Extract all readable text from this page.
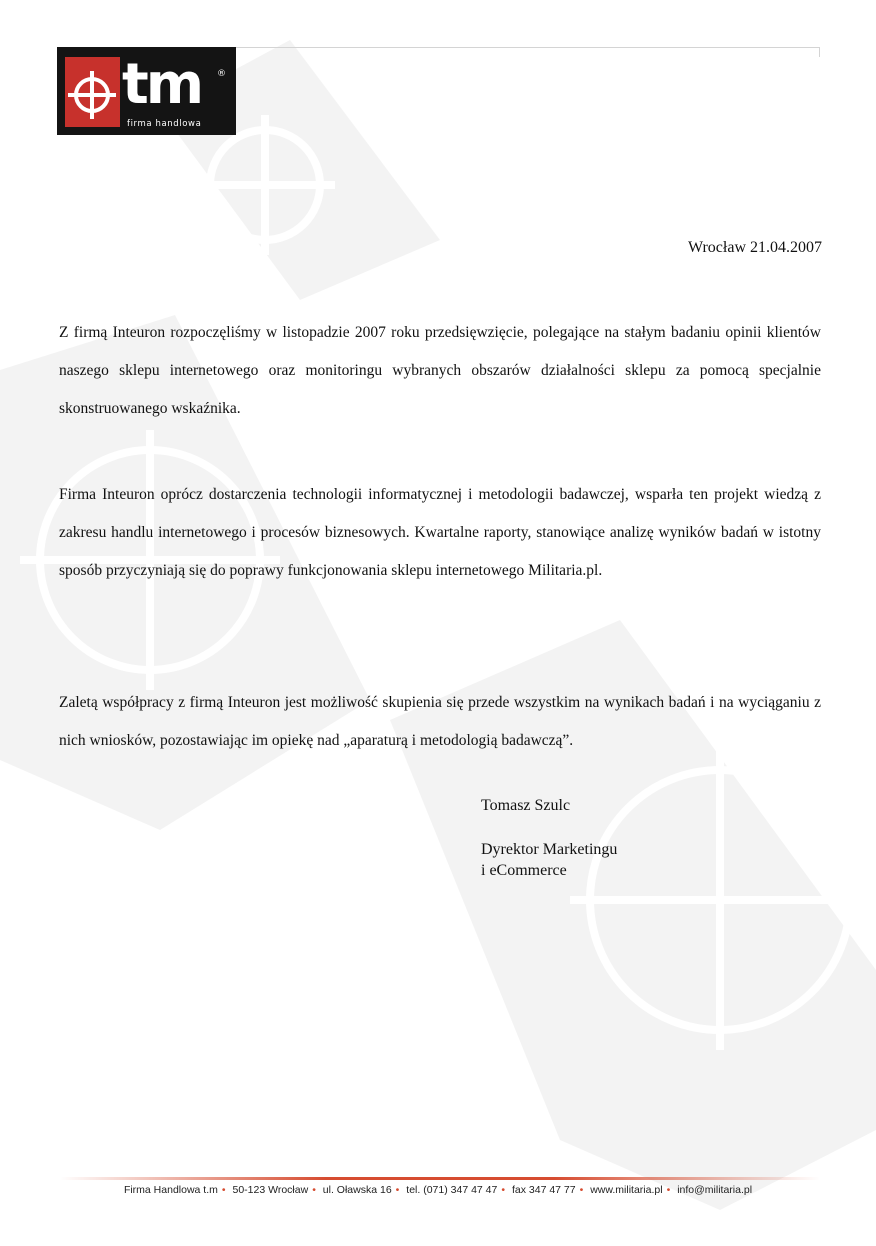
tm ®
firma handlowa
Wrocław 21.04.2007
Z firmą Inteuron rozpoczęliśmy w listopadzie 2007 roku przedsięwzięcie, polegające na stałym badaniu opinii klientów naszego sklepu internetowego oraz monitoringu wybranych obszarów działalności sklepu za pomocą specjalnie skonstruowanego wskaźnika.
Firma Inteuron oprócz dostarczenia technologii informatycznej i metodologii badawczej, wsparła ten projekt wiedzą z zakresu handlu internetowego i procesów biznesowych. Kwartalne raporty, stanowiące analizę wyników badań w istotny sposób przyczyniają się do poprawy funkcjonowania sklepu internetowego Militaria.pl.
Zaletą współpracy z firmą Inteuron jest możliwość skupienia się przede wszystkim na wynikach badań i na wyciąganiu z nich wniosków, pozostawiając im opiekę nad „aparaturą i metodologią badawczą”.
Tomasz Szulc
Dyrektor Marketingu
i eCommerce
Firma Handlowa t.m • 50-123 Wrocław • ul. Oławska 16 • tel. (071) 347 47 47 • fax 347 47 77 • www.militaria.pl • info@militaria.pl
